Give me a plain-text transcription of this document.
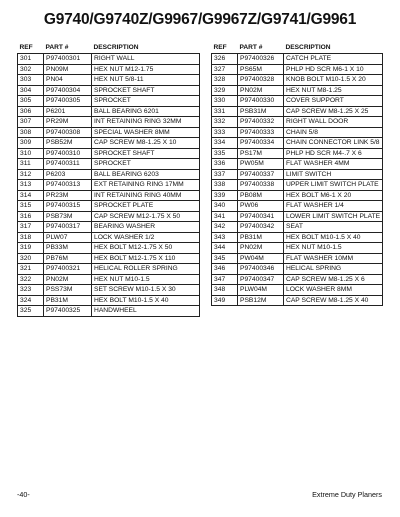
G9740/G9740Z/G9967/G9967Z/G9741/G9961
REF	PART #	DESCRIPTION
301	P97400301	RIGHT WALL
302	PN09M	HEX NUT M12-1.75
303	PN04	HEX NUT 5/8-11
304	P97400304	SPROCKET SHAFT
305	P97400305	SPROCKET
306	P6201	BALL BEARING 6201
307	PR29M	INT RETAINING RING 32MM
308	P97400308	SPECIAL WASHER 8MM
309	PSB52M	CAP SCREW M8-1.25 X 10
310	P97400310	SPROCKET SHAFT
311	P97400311	SPROCKET
312	P6203	BALL BEARING 6203
313	P97400313	EXT RETAINING RING 17MM
314	PR23M	INT RETAINING RING 40MM
315	P97400315	SPROCKET PLATE
316	PSB73M	CAP SCREW M12-1.75 X 50
317	P97400317	BEARING WASHER
318	PLW07	LOCK WASHER 1/2
319	PB33M	HEX BOLT M12-1.75 X 50
320	PB76M	HEX BOLT M12-1.75 X 110
321	P97400321	HELICAL ROLLER SPRING
322	PN02M	HEX NUT M10-1.5
323	PSS73M	SET SCREW M10-1.5 X 30
324	PB31M	HEX BOLT M10-1.5 X 40
325	P97400325	HANDWHEEL
REF	PART #	DESCRIPTION
326	P97400326	CATCH PLATE
327	PS65M	PHLP HD SCR M6-1 X 10
328	P97400328	KNOB BOLT M10-1.5 X 20
329	PN02M	HEX NUT M8-1.25
330	P97400330	COVER SUPPORT
331	PSB31M	CAP SCREW M8-1.25 X 25
332	P97400332	RIGHT WALL DOOR
333	P97400333	CHAIN 5/8
334	P97400334	CHAIN CONNECTOR LINK 5/8
335	PS17M	PHLP HD SCR M4-.7 X 6
336	PW05M	FLAT WASHER 4MM
337	P97400337	LIMIT SWITCH
338	P97400338	UPPER LIMIT SWITCH PLATE
339	PB08M	HEX BOLT M6-1 X 20
340	PW06	FLAT WASHER 1/4
341	P97400341	LOWER LIMIT SWITCH PLATE
342	P97400342	SEAT
343	PB31M	HEX BOLT M10-1.5 X 40
344	PN02M	HEX NUT M10-1.5
345	PW04M	FLAT WASHER 10MM
346	P97400346	HELICAL SPRING
347	P97400347	CAP SCREW M8-1.25 X 6
348	PLW04M	LOCK WASHER 8MM
349	PSB12M	CAP SCREW M8-1.25 X 40
-40-	Extreme Duty Planers
